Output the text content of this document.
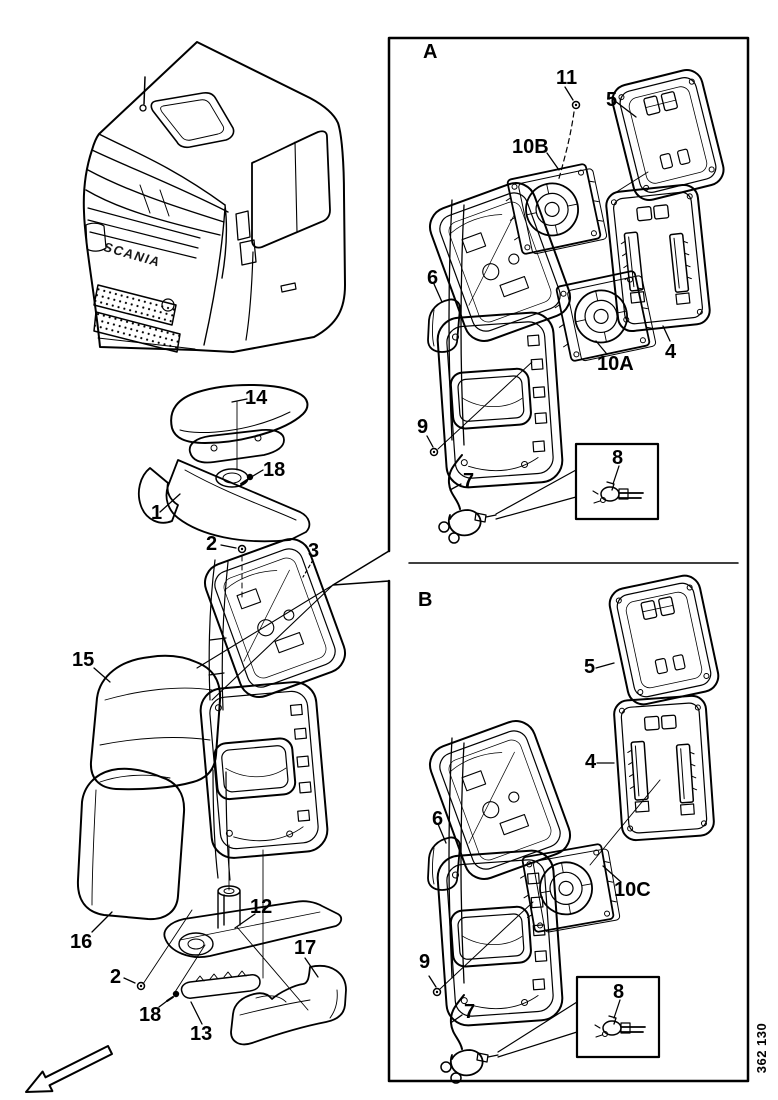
SCANIA
14
18
1
2	3
15
16
2
18
13
12
17
A
11
5
10B
6
10A
4
9
7
8
B
5
4
6
10C
9
7
8
362 130
